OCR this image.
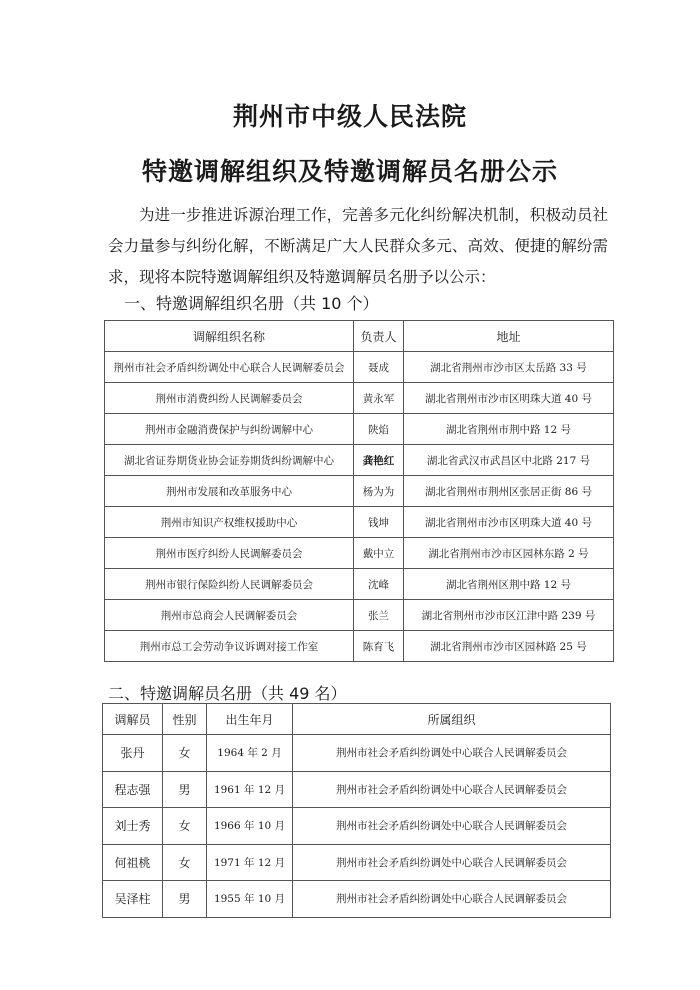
荆州市中级人民法院
特邀调解组织及特邀调解员名册公示
为进一步推进诉源治理工作，完善多元化纠纷解决机制，积极动员社会力量参与纠纷化解，不断满足广大人民群众多元、高效、便捷的解纷需求，现将本院特邀调解组织及特邀调解员名册予以公示：
一、特邀调解组织名册（共 10 个）
调解组织名称	负责人	地址
荆州市社会矛盾纠纷调处中心联合人民调解委员会	聂成	湖北省荆州市沙市区太岳路 33 号
荆州市消费纠纷人民调解委员会	黄永军	湖北省荆州市沙市区明珠大道 40 号
荆州市金融消费保护与纠纷调解中心	陕焰	湖北省荆州市荆中路 12 号
湖北省证券期货业协会证券期货纠纷调解中心	龚艳红	湖北省武汉市武昌区中北路 217 号
荆州市发展和改革服务中心	杨为为	湖北省荆州市荆州区张居正街 86 号
荆州市知识产权维权援助中心	钱坤	湖北省荆州市沙市区明珠大道 40 号
荆州市医疗纠纷人民调解委员会	戴中立	湖北省荆州市沙市区园林东路 2 号
荆州市银行保险纠纷人民调解委员会	沈峰	湖北省荆州区荆中路 12 号
荆州市总商会人民调解委员会	张兰	湖北省荆州市沙市区江津中路 239 号
荆州市总工会劳动争议诉调对接工作室	陈育飞	湖北省荆州市沙市区园林路 25 号
二、特邀调解员名册（共 49 名）
调解员	性别	出生年月	所属组织
张丹	女	1964 年 2 月	荆州市社会矛盾纠纷调处中心联合人民调解委员会
程志强	男	1961 年 12 月	荆州市社会矛盾纠纷调处中心联合人民调解委员会
刘士秀	女	1966 年 10 月	荆州市社会矛盾纠纷调处中心联合人民调解委员会
何祖桃	女	1971 年 12 月	荆州市社会矛盾纠纷调处中心联合人民调解委员会
吴泽柱	男	1955 年 10 月	荆州市社会矛盾纠纷调处中心联合人民调解委员会
